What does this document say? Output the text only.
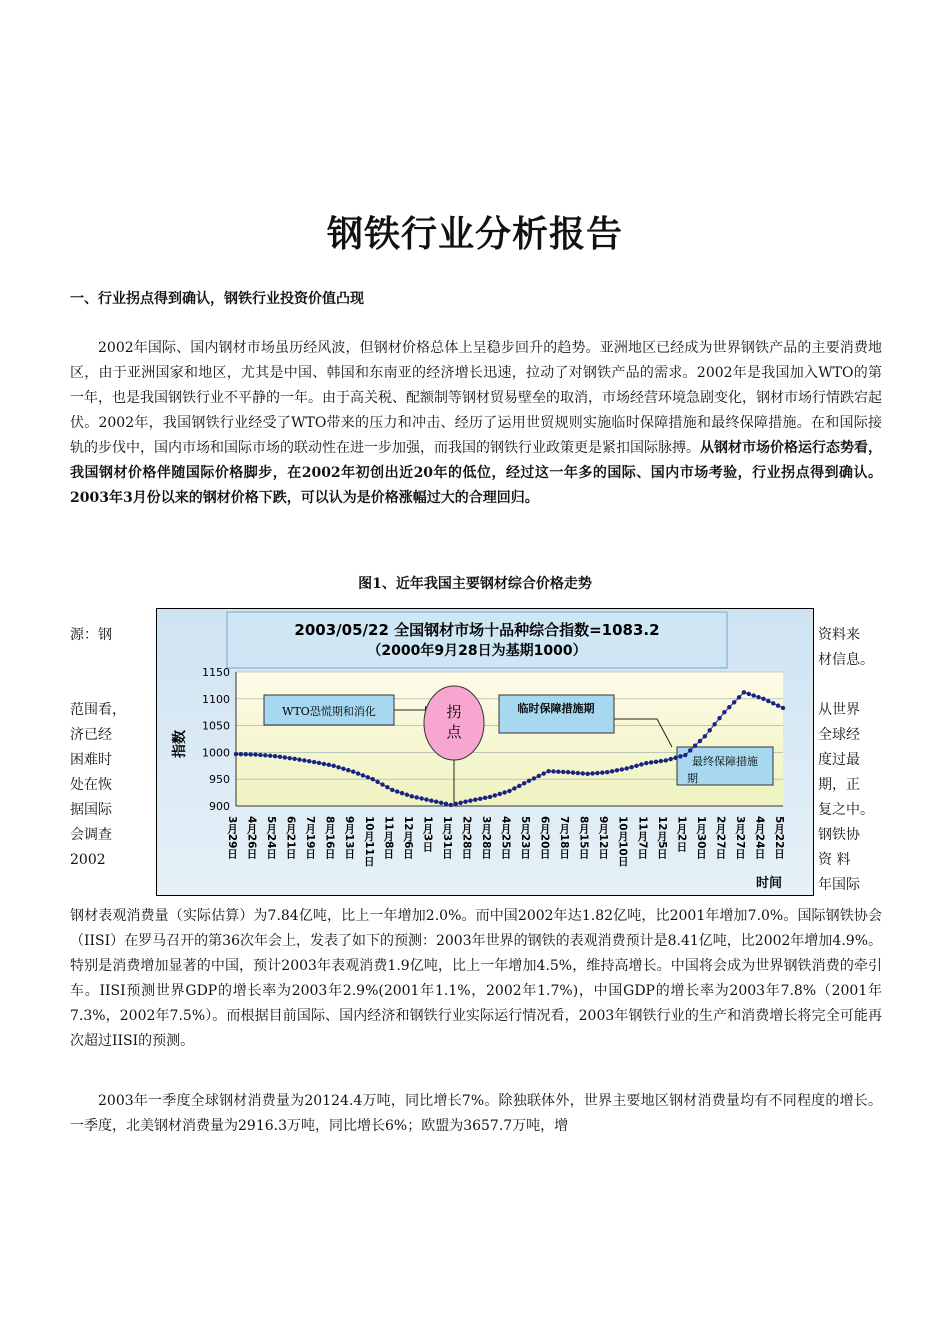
钢铁行业分析报告
一、行业拐点得到确认，钢铁行业投资价值凸现
2002年国际、国内钢材市场虽历经风波，但钢材价格总体上呈稳步回升的趋势。亚洲地区已经成为世界钢铁产品的主要消费地区，由于亚洲国家和地区，尤其是中国、韩国和东南亚的经济增长迅速，拉动了对钢铁产品的需求。2002年是我国加入WTO的第一年，也是我国钢铁行业不平静的一年。由于高关税、配额制等钢材贸易壁垒的取消，市场经营环境急剧变化，钢材市场行情跌宕起伏。2002年，我国钢铁行业经受了WTO带来的压力和冲击、经历了运用世贸规则实施临时保障措施和最终保障措施。在和国际接轨的步伐中，国内市场和国际市场的联动性在进一步加强，而我国的钢铁行业政策更是紧扣国际脉搏。从钢材市场价格运行态势看，我国钢材价格伴随国际价格脚步，在2002年初创出近20年的低位，经过这一年多的国际、国内市场考验，行业拐点得到确认。2003年3月份以来的钢材价格下跌，可以认为是价格涨幅过大的合理回归。
图1、近年我国主要钢材综合价格走势
源：钢

范围看，
济已经
困难时
处在恢
据国际
会调查
2002
资料来
材信息。

从世界
全球经
度过最
期，正
复之中。
钢铁协
资 料
年国际
2003/05/22 全国钢材市场十品种综合指数=1083.2
（2000年9月28日为基期1000）
900
950
1000
1050
1100
1150
指数
WTO恐慌期和消化	拐
点
临时保障措施期
最终保障措施
期
3月29日 4月26日 5月24日 6月21日 7月19日 8月16日 9月13日 10月11日 11月8日 12月6日 1月3日 1月31日 2月28日 3月28日 4月25日 5月23日 6月20日 7月18日 8月15日 9月12日 10月10日 11月7日 12月5日 1月2日 1月30日 2月27日 3月27日 4月24日 5月22日
时间
钢材表观消费量（实际估算）为7.84亿吨，比上一年增加2.0%。而中国2002年达1.82亿吨，比2001年增加7.0%。国际钢铁协会（IISI）在罗马召开的第36次年会上，发表了如下的预测：2003年世界的钢铁的表观消费预计是8.41亿吨，比2002年增加4.9%。特别是消费增加显著的中国，预计2003年表观消费1.9亿吨，比上一年增加4.5%，维持高增长。中国将会成为世界钢铁消费的牵引车。IISI预测世界GDP的增长率为2003年2.9%(2001年1.1%，2002年1.7%)，中国GDP的增长率为2003年7.8%（2001年7.3%，2002年7.5%）。而根据目前国际、国内经济和钢铁行业实际运行情况看，2003年钢铁行业的生产和消费增长将完全可能再次超过IISI的预测。
2003年一季度全球钢材消费量为20124.4万吨，同比增长7%。除独联体外，世界主要地区钢材消费量均有不同程度的增长。一季度，北美钢材消费量为2916.3万吨，同比增长6%；欧盟为3657.7万吨，增
